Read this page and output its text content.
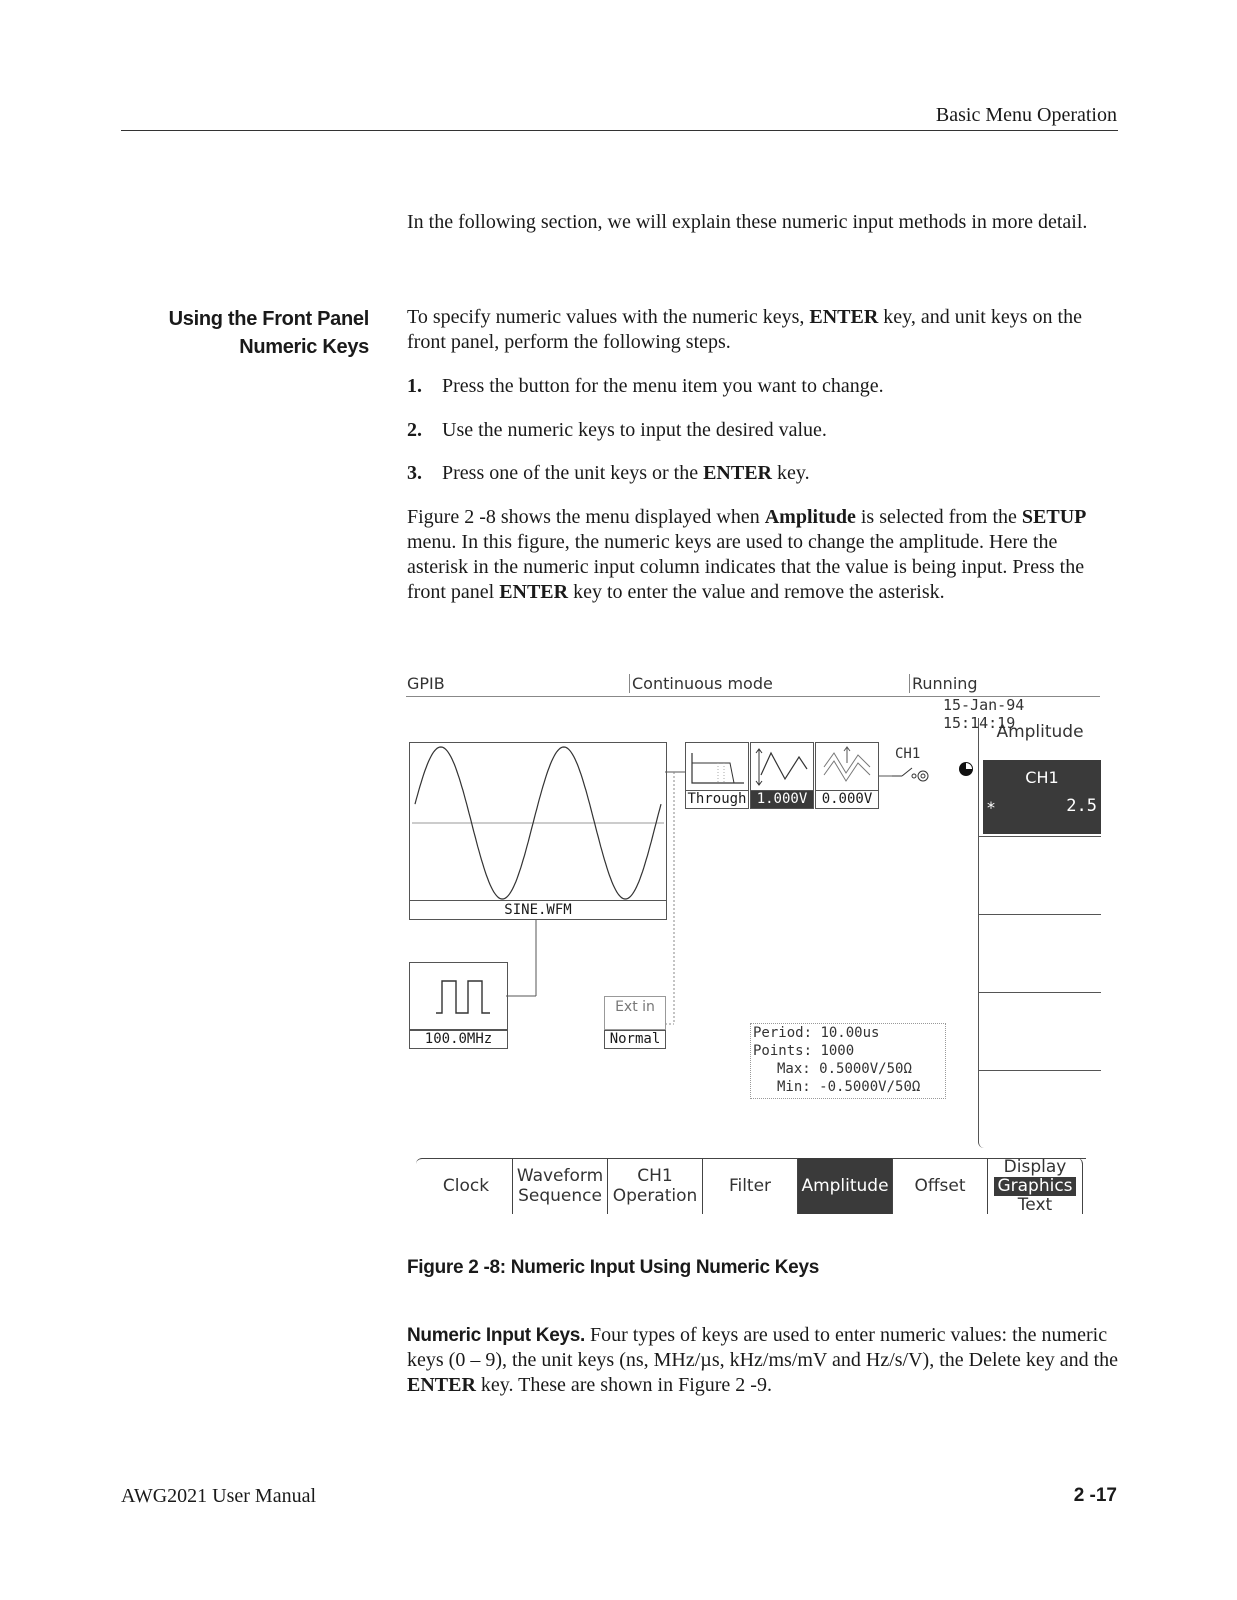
Basic Menu Operation
In the following section, we will explain these numeric input methods in more detail.
Using the Front Panel
Numeric Keys
To specify numeric values with the numeric keys, ENTER key, and unit keys on the front panel, perform the following steps.
1. Press the button for the menu item you want to change.
2. Use the numeric keys to input the desired value.
3. Press one of the unit keys or the ENTER key.
Figure 2 -8 shows the menu displayed when Amplitude is selected from the SETUP menu. In this figure, the numeric keys are used to change the amplitude. Here the asterisk in the numeric input column indicates that the value is being input. Press the front panel ENTER key to enter the value and remove the asterisk.
GPIB	Continuous mode	Running
15-Jan-94 15:14:19
SINE.WFM
100.0MHz
Through 1.000V	0.000V
CH1
Ext in
Normal	Period: 10.00us
Points: 1000
Max: 0.5000V/50Ω
Min: -0.5000V/50Ω
Amplitude
CH1
*	2.5
Clock Waveform
Sequence
CH1
Operation Filter Amplitude Offset
Display
Graphics
Text
Figure 2 -8: Numeric Input Using Numeric Keys
Numeric Input Keys. Four types of keys are used to enter numeric values: the numeric keys (0 – 9), the unit keys (ns, MHz/µs, kHz/ms/mV and Hz/s/V), the Delete key and the ENTER key. These are shown in Figure 2 -9.
AWG2021 User Manual	2 -17
